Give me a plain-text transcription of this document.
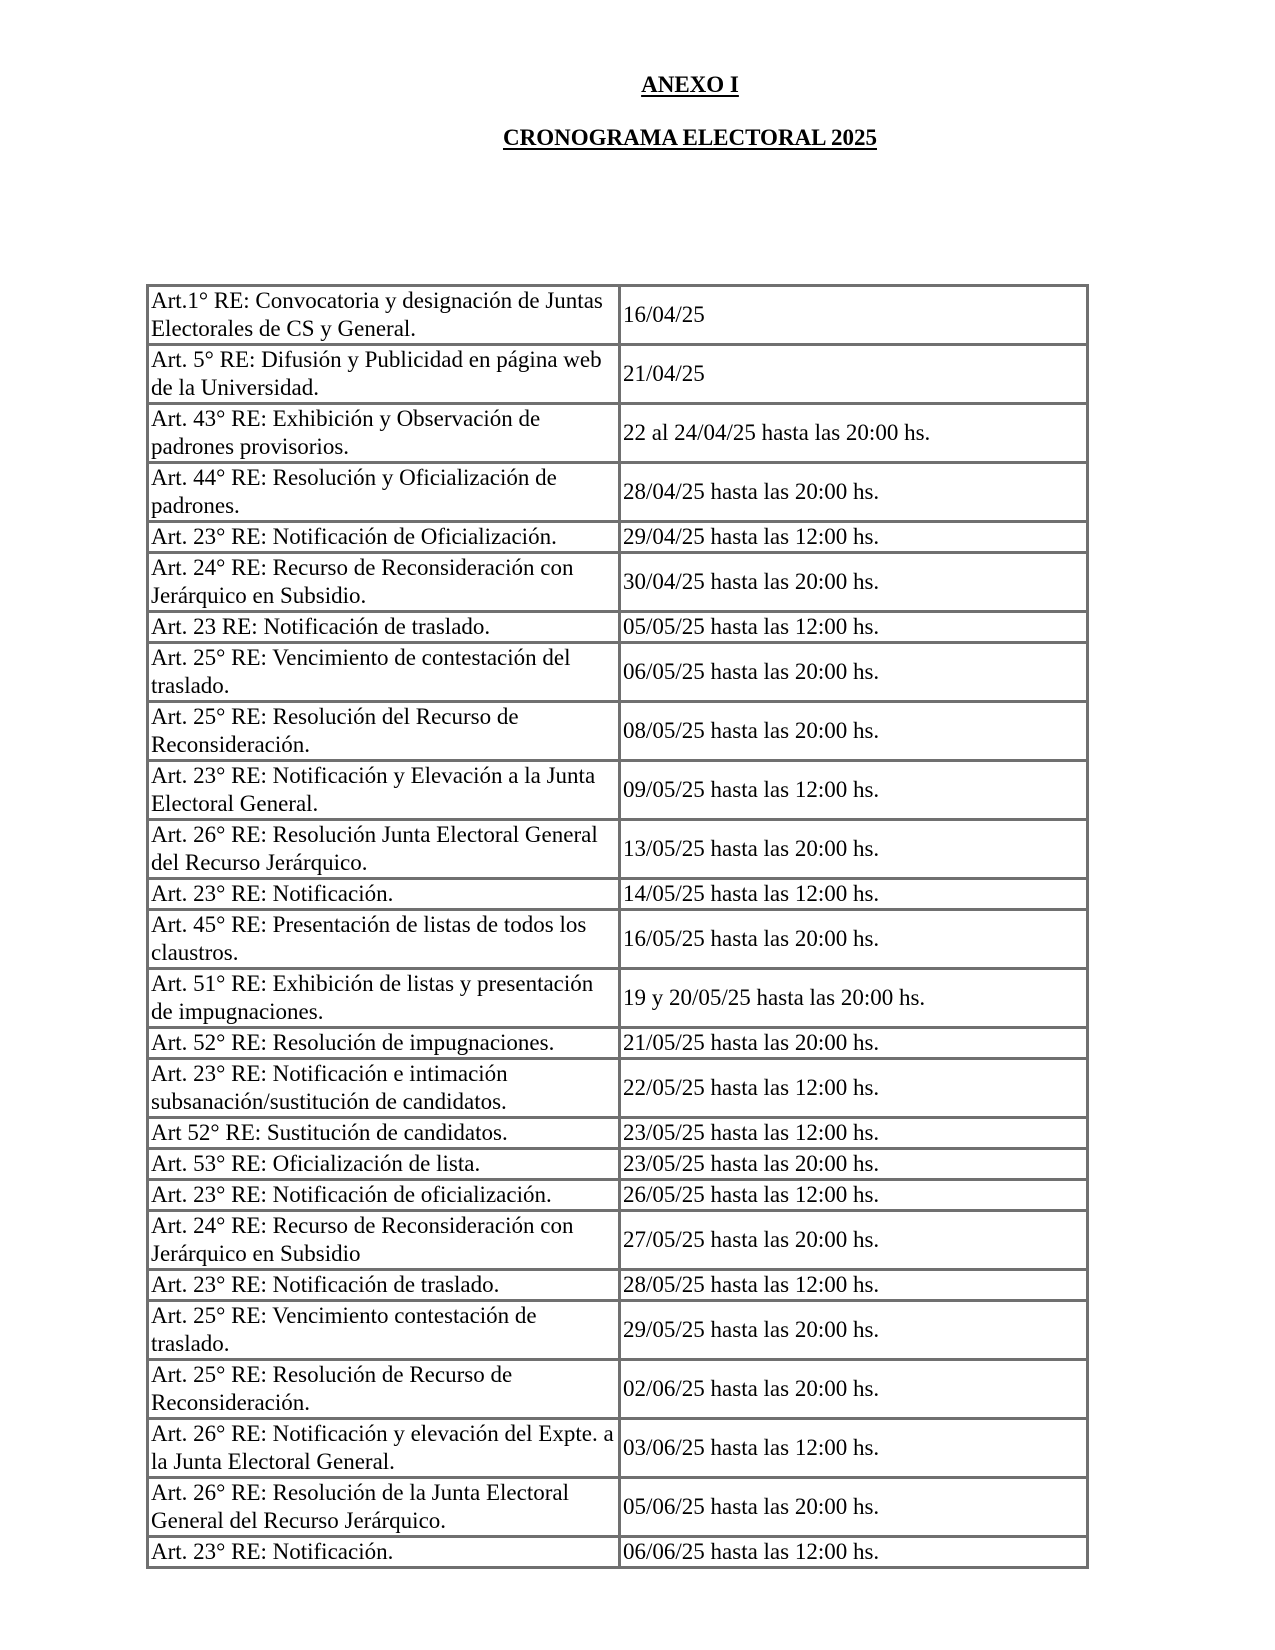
ANEXO I
CRONOGRAMA ELECTORAL 2025
Art.1° RE: Convocatoria y designación de Juntas Electorales de CS y General.	16/04/25
Art. 5° RE: Difusión y Publicidad en página web de la Universidad.	21/04/25
Art. 43° RE: Exhibición y Observación de padrones provisorios.	22 al 24/04/25 hasta las 20:00 hs.
Art. 44° RE: Resolución y Oficialización de padrones.	28/04/25 hasta las 20:00 hs.
Art. 23° RE: Notificación de Oficialización.	29/04/25 hasta las 12:00 hs.
Art. 24° RE: Recurso de Reconsideración con Jerárquico en Subsidio.	30/04/25 hasta las 20:00 hs.
Art. 23 RE: Notificación de traslado.	05/05/25 hasta las 12:00 hs.
Art. 25° RE: Vencimiento de contestación del traslado.	06/05/25 hasta las 20:00 hs.
Art. 25° RE: Resolución del Recurso de Reconsideración.	08/05/25 hasta las 20:00 hs.
Art. 23° RE: Notificación y Elevación a la Junta Electoral General.	09/05/25 hasta las 12:00 hs.
Art. 26° RE: Resolución Junta Electoral General del Recurso Jerárquico.	13/05/25 hasta las 20:00 hs.
Art. 23° RE: Notificación.	14/05/25 hasta las 12:00 hs.
Art. 45° RE: Presentación de listas de todos los claustros.	16/05/25 hasta las 20:00 hs.
Art. 51° RE: Exhibición de listas y presentación de impugnaciones.	19 y 20/05/25 hasta las 20:00 hs.
Art. 52° RE: Resolución de impugnaciones.	21/05/25 hasta las 20:00 hs.
Art. 23° RE: Notificación e intimación subsanación/sustitución de candidatos.	22/05/25 hasta las 12:00 hs.
Art 52° RE: Sustitución de candidatos.	23/05/25 hasta las 12:00 hs.
Art. 53° RE: Oficialización de lista.	23/05/25 hasta las 20:00 hs.
Art. 23° RE: Notificación de oficialización.	26/05/25 hasta las 12:00 hs.
Art. 24° RE: Recurso de Reconsideración con Jerárquico en Subsidio	27/05/25 hasta las 20:00 hs.
Art. 23° RE: Notificación de traslado.	28/05/25 hasta las 12:00 hs.
Art. 25° RE: Vencimiento contestación de traslado.	29/05/25 hasta las 20:00 hs.
Art. 25° RE: Resolución de Recurso de Reconsideración.	02/06/25 hasta las 20:00 hs.
Art. 26° RE: Notificación y elevación del Expte. a la Junta Electoral General.	03/06/25 hasta las 12:00 hs.
Art. 26° RE: Resolución de la Junta Electoral General del Recurso Jerárquico.	05/06/25 hasta las 20:00 hs.
Art. 23° RE: Notificación.	06/06/25 hasta las 12:00 hs.
